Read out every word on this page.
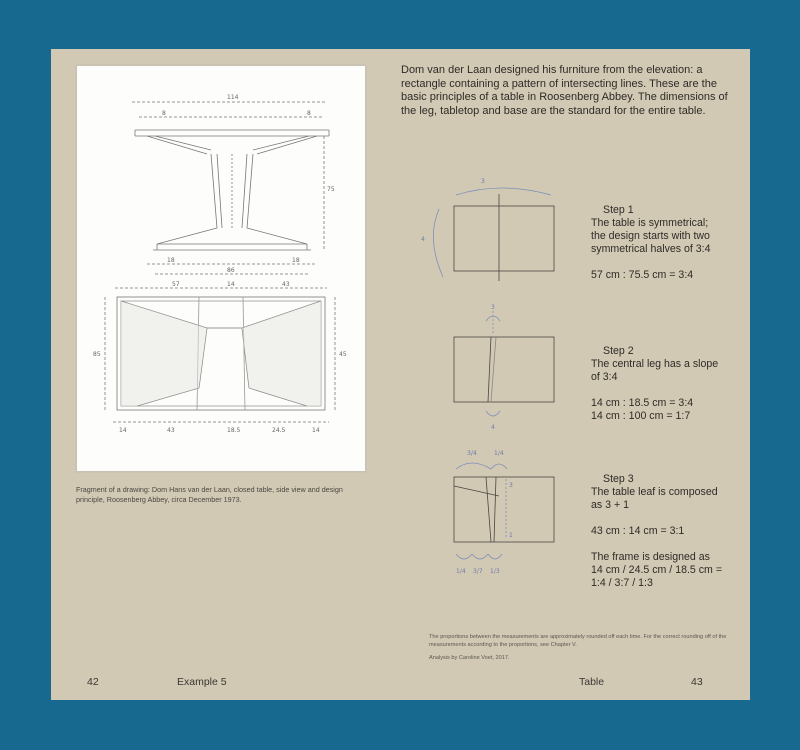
114
8	8
75
18	18
86
57	14	43
85	45
14	43	18.5	24.5	14
Fragment of a drawing: Dom Hans van der Laan, closed table, side view and design principle, Roosenberg Abbey, circa December 1973.
Dom van der Laan designed his furniture from the elevation: a rectangle containing a pattern of intersecting lines. These are the basic principles of a table in Roosenberg Abbey. The dimensions of the leg, tabletop and base are the standard for the entire table.
3
4
3
4
3/4	1/4
3
1
1/4 3/7 1/3
Step 1
The table is symmetrical;
the design starts with two
symmetrical halves of 3:4
57 cm : 75.5 cm = 3:4
Step 2
The central leg has a slope
of 3:4
14 cm : 18.5 cm = 3:4
14 cm : 100 cm = 1:7
Step 3
The table leaf is composed
as 3 + 1
43 cm : 14 cm = 3:1
The frame is designed as
14 cm / 24.5 cm / 18.5 cm =
1:4 / 3:7 / 1:3
The proportions between the measurements are approximately rounded off each time. For the correct rounding off of the measurements according to the proportions, see Chapter V.
Analysis by Caroline Voet, 2017.
42	Example 5	Table	43
